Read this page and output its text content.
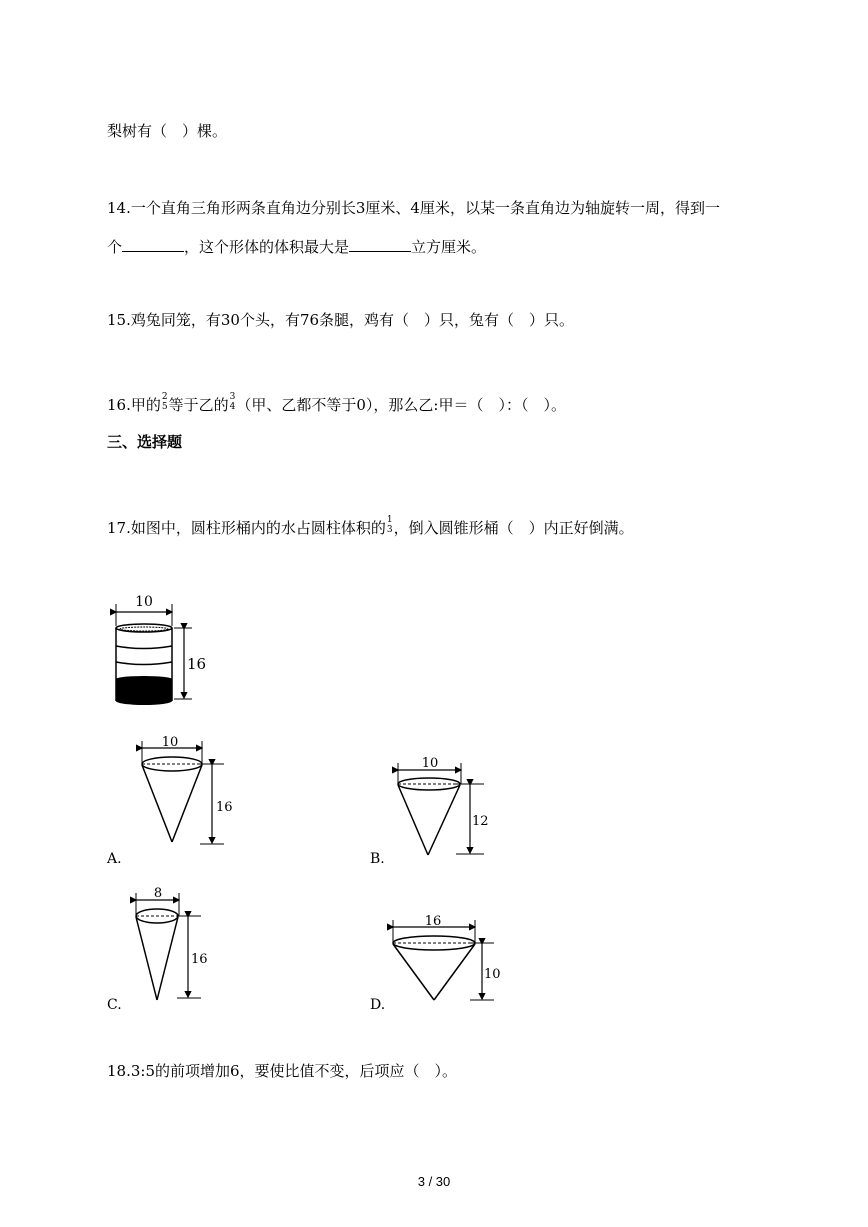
梨树有（　）棵。
14.一个直角三角形两条直角边分别长3厘米、4厘米，以某一条直角边为轴旋转一周，得到一
个	，这个形体的体积最大是	立方厘米。
15.鸡兔同笼，有30个头，有76条腿，鸡有（　）只，兔有（　）只。
16.甲的 2
5 等于乙的 3
4 （甲、乙都不等于0），那么乙:甲＝（　）：（　）。
三、选择题
17.如图中，圆柱形桶内的水占圆柱体积的 1
3 ，倒入圆锥形桶（　）内正好倒满。
10
16
10
16
A.
10
12
B.
8
16
C.
16
10
D.
18.3:5的前项增加6，要使比值不变，后项应（　）。
3 / 30
